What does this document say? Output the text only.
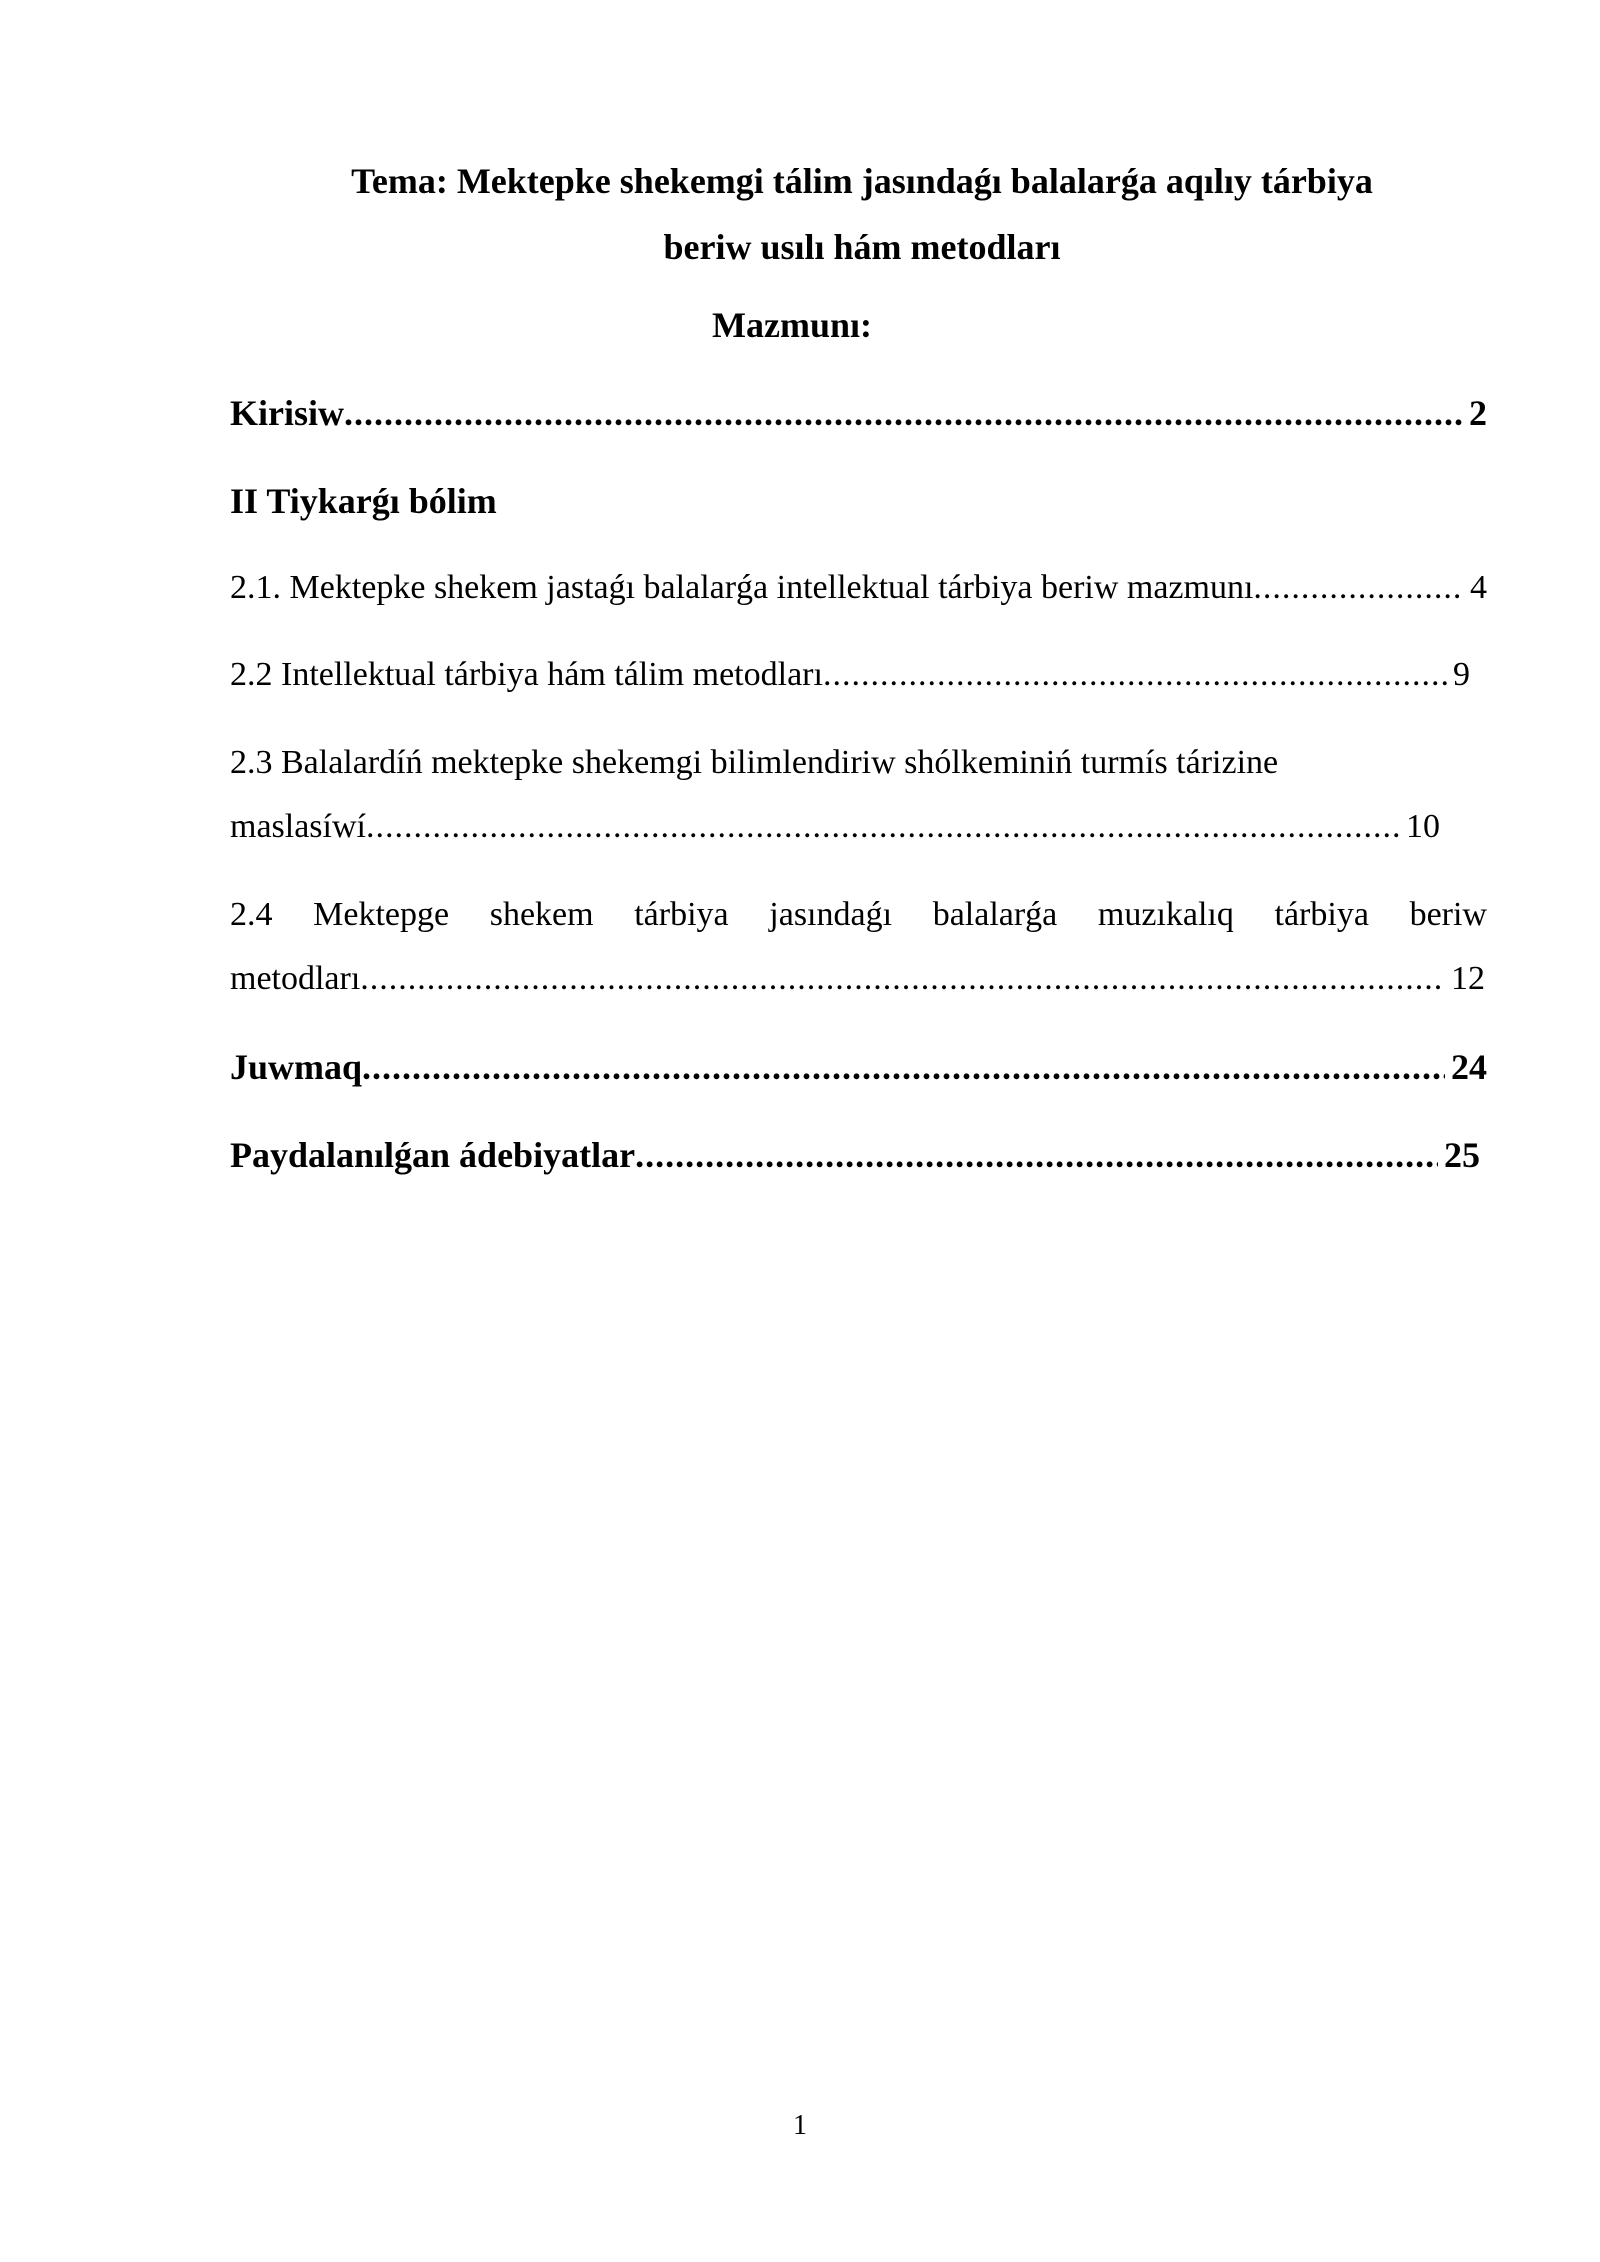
Tema: Mektepke shekemgi tálim jasındaǵı balalarǵa aqılıy tárbiya
beriw usılı hám metodları
Mazmunı:
Kirisiw .....	2
II Tiykarǵı bólim
2.1. Mektepke shekem jastaǵı balalarǵa intellektual tárbiya beriw mazmunı .....	4
2.2 Intellektual tárbiya hám tálim metodları .....	9
2.3 Balalardíń mektepke shekemgi bilimlendiriw shólkeminiń turmís tárizine
maslasíwí .....	10
2.4 Mektepge shekem tárbiya jasındaǵı balalarǵa muzıkalıq tárbiya beriw
metodları .....	12
Juwmaq .....	24
Paydalanılǵan ádebiyatlar .....	25
1
